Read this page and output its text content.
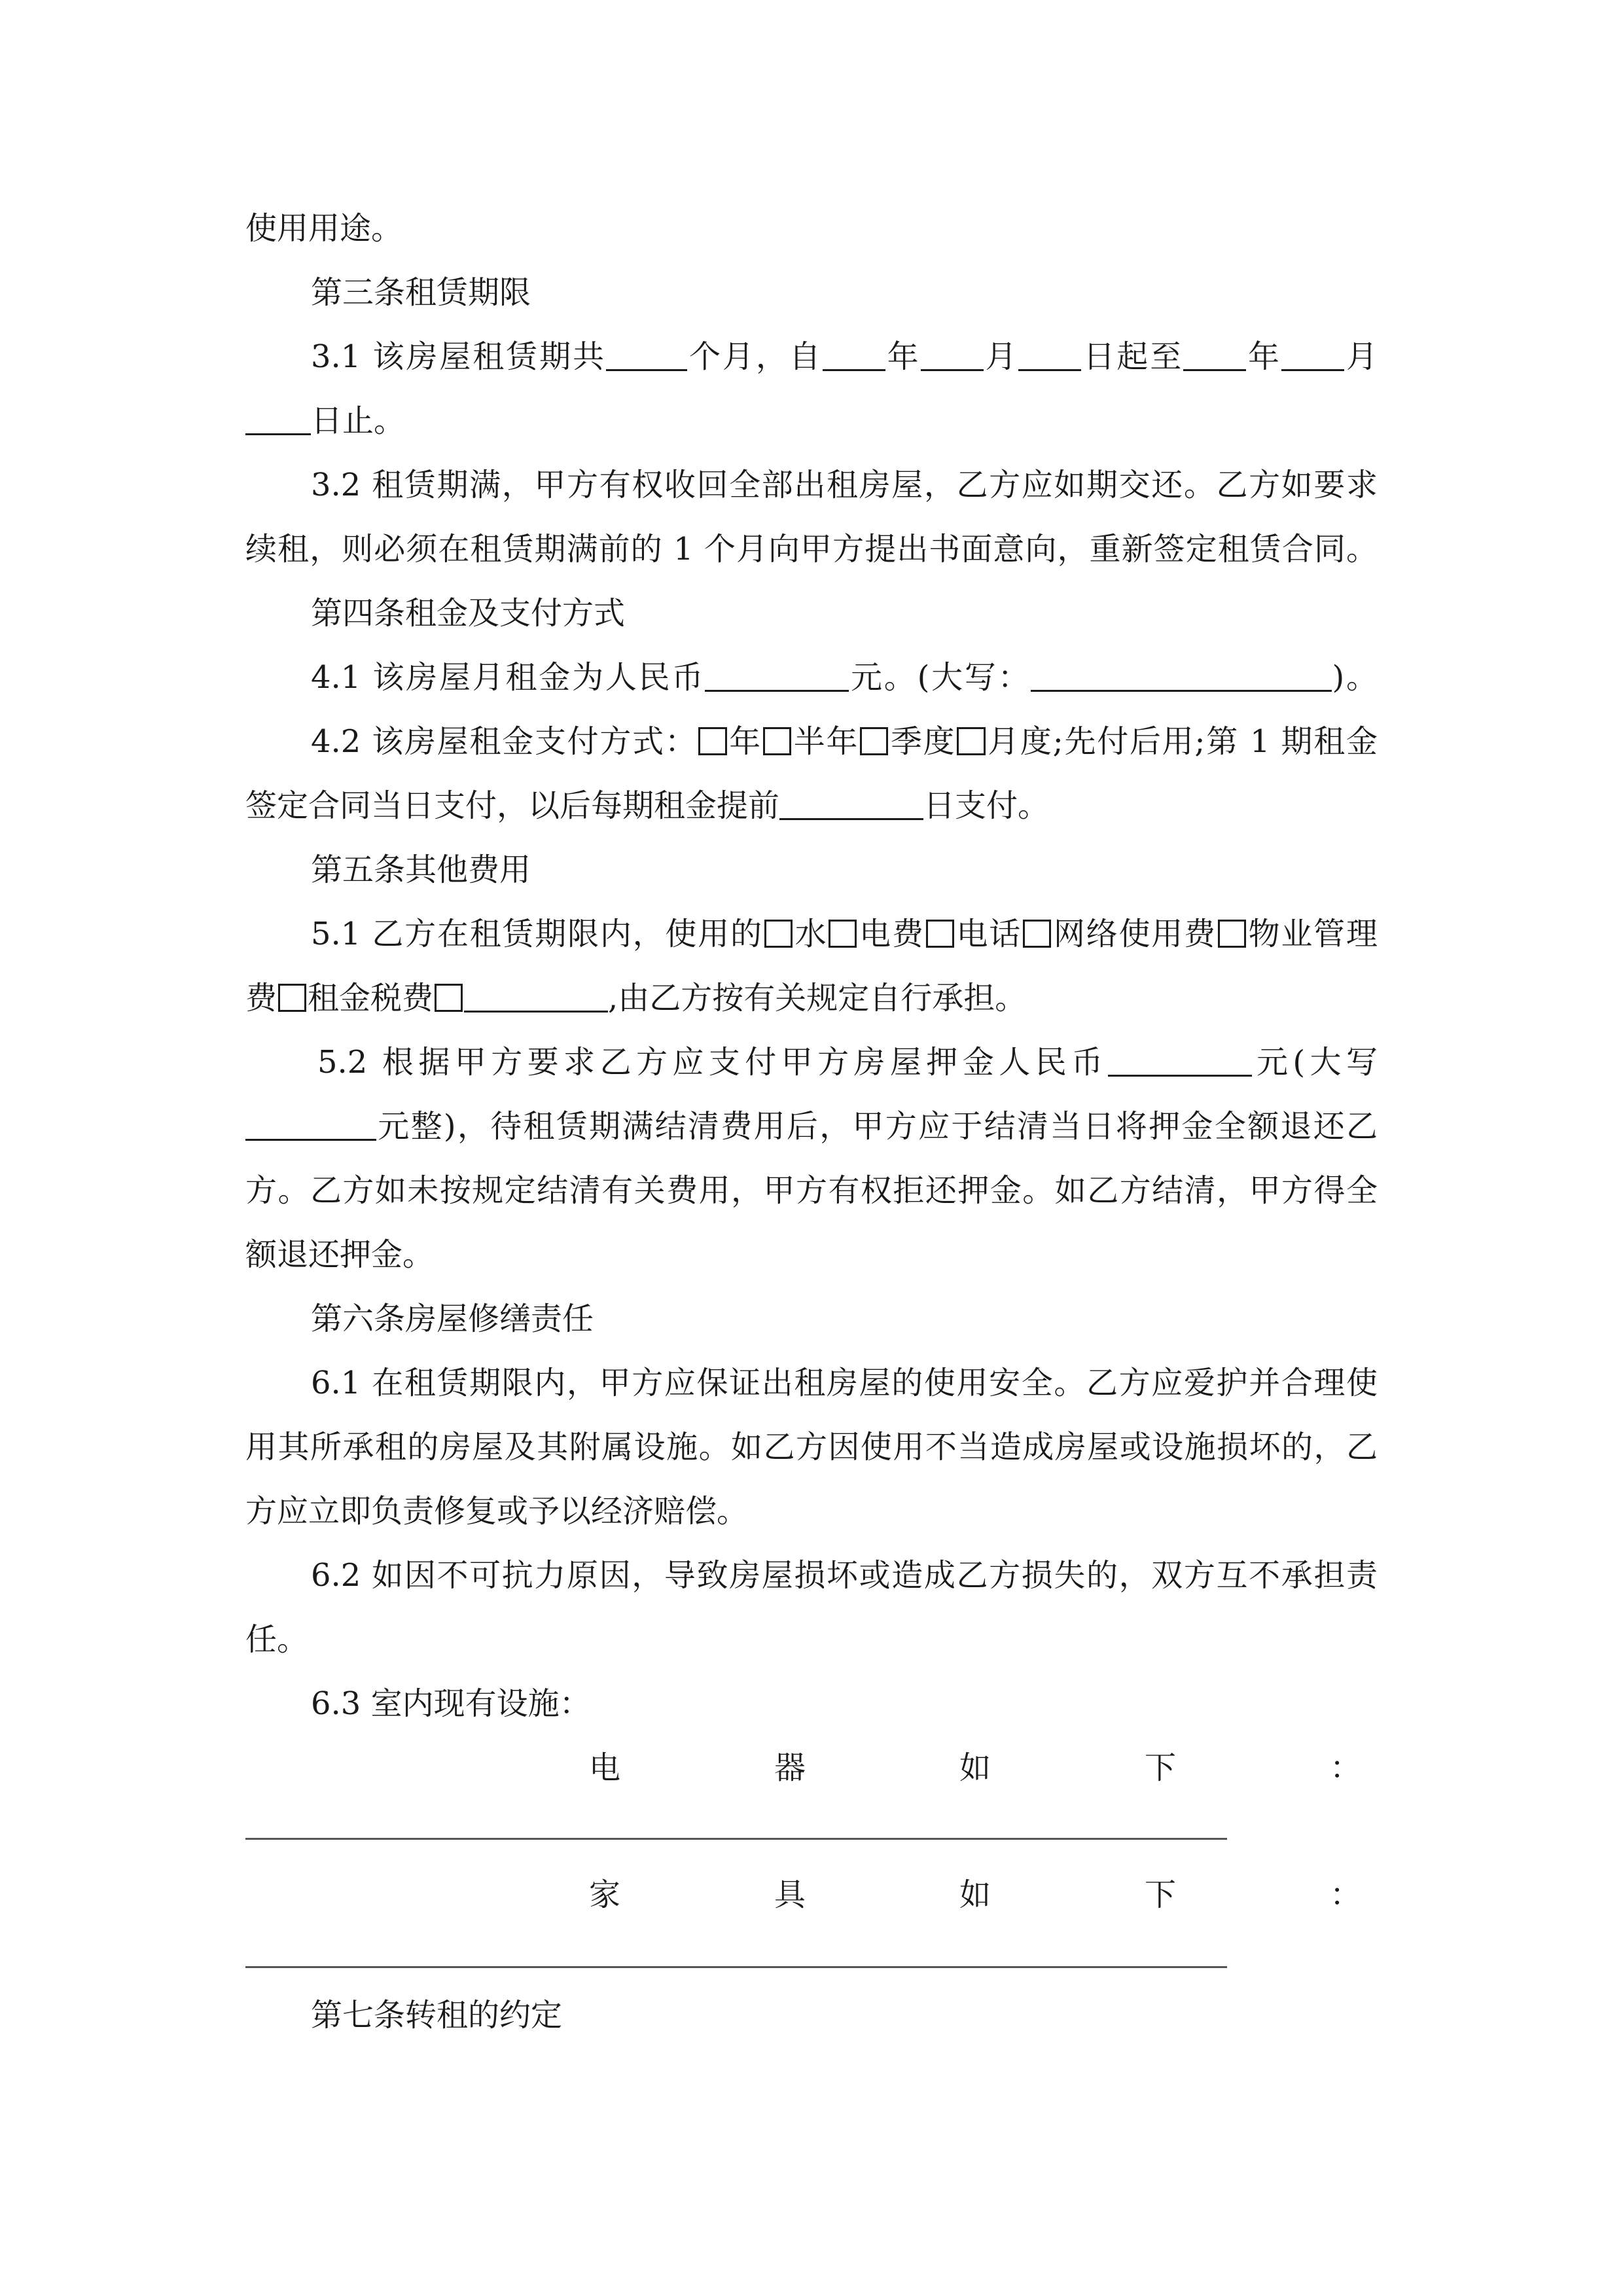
使用用途。
第三条租赁期限
3.1 该房屋租赁期共	个月，自 年 月 日起至 年 月
日止。
3.2 租赁期满，甲方有权收回全部出租房屋，乙方应如期交还。乙方如要求
续租，则必须在租赁期满前的 1 个月向甲方提出书面意向，重新签定租赁合同。
第四条租金及支付方式
4.1 该房屋月租金为人民币	元。(大写：	)。
4.2 该房屋租金支付方式： 年 半年 季度 月度;先付后用;第 1 期租金
签定合同当日支付，以后每期租金提前	日支付。
第五条其他费用
5.1 乙方在租赁期限内，使用的 水 电费 电话 网络使用费 物业管理
费 租金税费	,由乙方按有关规定自行承担。
5.2 根据甲方要求乙方应支付甲方房屋押金人民币	元(大写
元整)，待租赁期满结清费用后，甲方应于结清当日将押金全额退还乙
方。乙方如未按规定结清有关费用，甲方有权拒还押金。如乙方结清，甲方得全
额退还押金。
第六条房屋修缮责任
6.1 在租赁期限内，甲方应保证出租房屋的使用安全。乙方应爱护并合理使
用其所承租的房屋及其附属设施。如乙方因使用不当造成房屋或设施损坏的，乙
方应立即负责修复或予以经济赔偿。
6.2 如因不可抗力原因，导致房屋损坏或造成乙方损失的，双方互不承担责
任。
6.3 室内现有设施：
电	器	如	下	：
家	具	如	下	：
第七条转租的约定
